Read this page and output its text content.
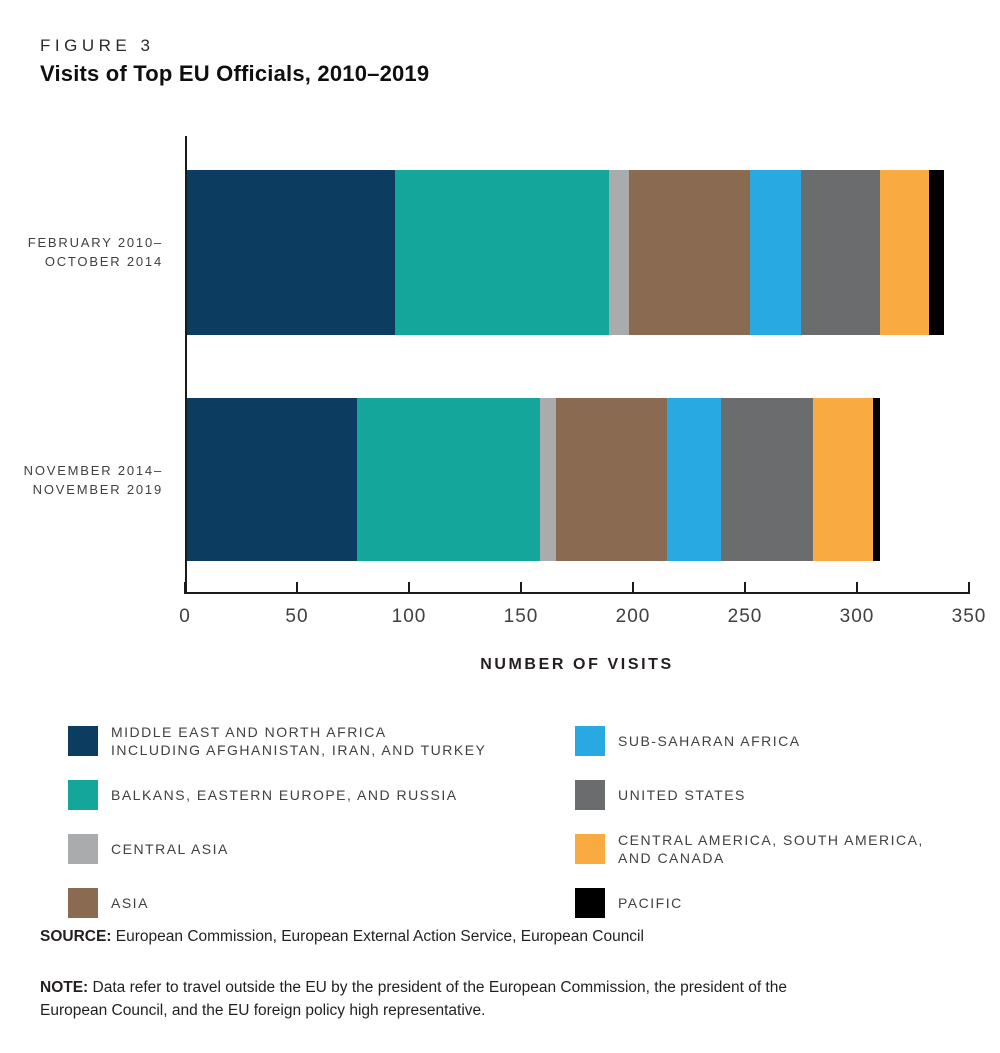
FIGURE 3
Visits of Top EU Officials, 2010–2019
0	50	100	150	200	250	300	350
FEBRUARY 2010–
OCTOBER 2014
NOVEMBER 2014–
NOVEMBER 2019
NUMBER OF VISITS
MIDDLE EAST AND NORTH AFRICA
INCLUDING AFGHANISTAN, IRAN, AND TURKEY
BALKANS, EASTERN EUROPE, AND RUSSIA
CENTRAL ASIA
ASIA
SUB-SAHARAN AFRICA
UNITED STATES
CENTRAL AMERICA, SOUTH AMERICA,
AND CANADA
PACIFIC

SOURCE: European Commission, European External Action Service, European Council

NOTE: Data refer to travel outside the EU by the president of the European Commission, the president of the European Council, and the EU foreign policy high representative.
